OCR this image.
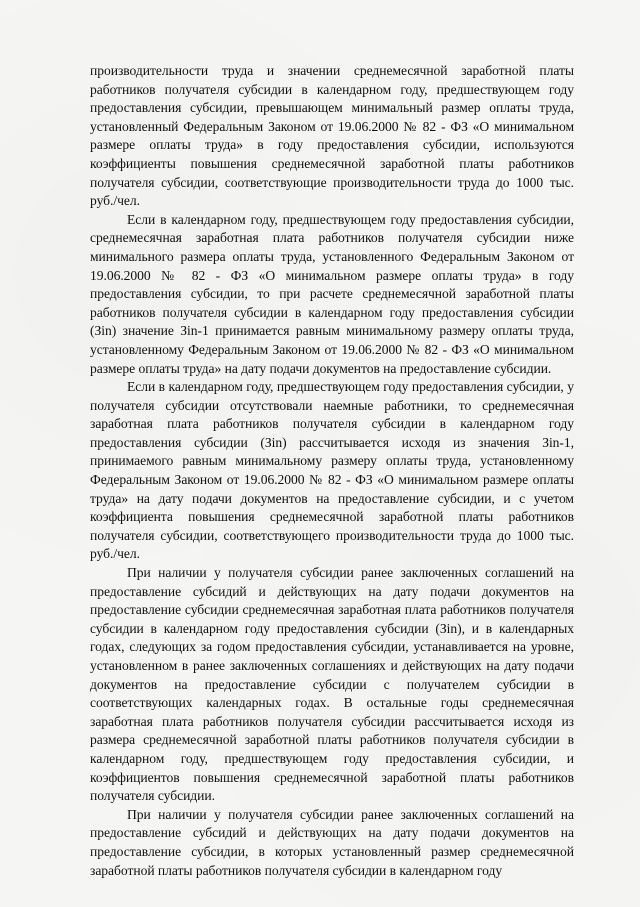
производительности труда и значении среднемесячной заработной платы работников получателя субсидии в календарном году, предшествующем году предоставления субсидии, превышающем минимальный размер оплаты труда, установленный Федеральным Законом от 19.06.2000 № 82 - ФЗ «О минимальном размере оплаты труда» в году предоставления субсидии, используются коэффициенты повышения среднемесячной заработной платы работников получателя субсидии, соответствующие производительности труда до 1000 тыс. руб./чел.

Если в календарном году, предшествующем году предоставления субсидии, среднемесячная заработная плата работников получателя субсидии ниже минимального размера оплаты труда, установленного Федеральным Законом от 19.06.2000 № 82 - ФЗ «О минимальном размере оплаты труда» в году предоставления субсидии, то при расчете среднемесячной заработной платы работников получателя субсидии в календарном году предоставления субсидии (Зin) значение Зin-1 принимается равным минимальному размеру оплаты труда, установленному Федеральным Законом от 19.06.2000 № 82 - ФЗ «О минимальном размере оплаты труда» на дату подачи документов на предоставление субсидии.

Если в календарном году, предшествующем году предоставления субсидии, у получателя субсидии отсутствовали наемные работники, то среднемесячная заработная плата работников получателя субсидии в календарном году предоставления субсидии (Зin) рассчитывается исходя из значения Зin-1, принимаемого равным минимальному размеру оплаты труда, установленному Федеральным Законом от 19.06.2000 № 82 - ФЗ «О минимальном размере оплаты труда» на дату подачи документов на предоставление субсидии, и с учетом коэффициента повышения среднемесячной заработной платы работников получателя субсидии, соответствующего производительности труда до 1000 тыс. руб./чел.

При наличии у получателя субсидии ранее заключенных соглашений на предоставление субсидий и действующих на дату подачи документов на предоставление субсидии среднемесячная заработная плата работников получателя субсидии в календарном году предоставления субсидии (Зin), и в календарных годах, следующих за годом предоставления субсидии, устанавливается на уровне, установленном в ранее заключенных соглашениях и действующих на дату подачи документов на предоставление субсидии с получателем субсидии в соответствующих календарных годах. В остальные годы среднемесячная заработная плата работников получателя субсидии рассчитывается исходя из размера среднемесячной заработной платы работников получателя субсидии в календарном году, предшествующем году предоставления субсидии, и коэффициентов повышения среднемесячной заработной платы работников получателя субсидии.

При наличии у получателя субсидии ранее заключенных соглашений на предоставление субсидий и действующих на дату подачи документов на предоставление субсидии, в которых установленный размер среднемесячной заработной платы работников получателя субсидии в календарном году
